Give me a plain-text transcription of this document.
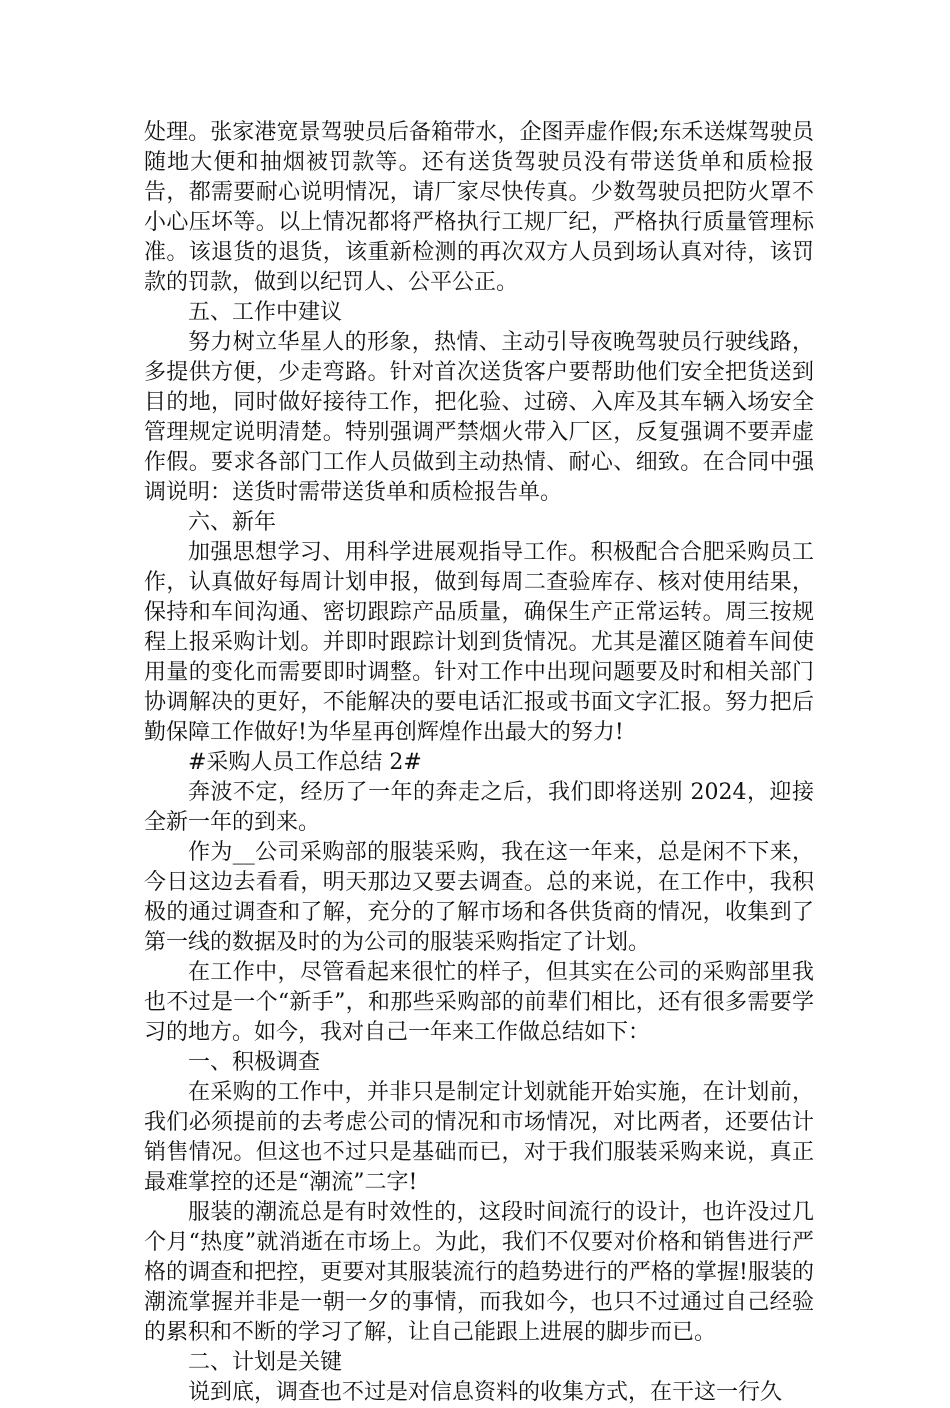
处理。张家港宽景驾驶员后备箱带水，企图弄虚作假;东禾送煤驾驶员随地大便和抽烟被罚款等。还有送货驾驶员没有带送货单和质检报告，都需要耐心说明情况，请厂家尽快传真。少数驾驶员把防火罩不小心压坏等。以上情况都将严格执行工规厂纪，严格执行质量管理标准。该退货的退货，该重新检测的再次双方人员到场认真对待，该罚款的罚款，做到以纪罚人、公平公正。

五、工作中建议

努力树立华星人的形象，热情、主动引导夜晚驾驶员行驶线路，多提供方便，少走弯路。针对首次送货客户要帮助他们安全把货送到目的地，同时做好接待工作，把化验、过磅、入库及其车辆入场安全管理规定说明清楚。特别强调严禁烟火带入厂区，反复强调不要弄虚作假。要求各部门工作人员做到主动热情、耐心、细致。在合同中强调说明：送货时需带送货单和质检报告单。

六、新年

加强思想学习、用科学进展观指导工作。积极配合合肥采购员工作，认真做好每周计划申报，做到每周二查验库存、核对使用结果，保持和车间沟通、密切跟踪产品质量，确保生产正常运转。周三按规程上报采购计划。并即时跟踪计划到货情况。尤其是灌区随着车间使用量的变化而需要即时调整。针对工作中出现问题要及时和相关部门协调解决的更好，不能解决的要电话汇报或书面文字汇报。努力把后勤保障工作做好!为华星再创辉煌作出最大的努力!

#采购人员工作总结 2#

奔波不定，经历了一年的奔走之后，我们即将送别 2024，迎接全新一年的到来。

作为__公司采购部的服装采购，我在这一年来，总是闲不下来，今日这边去看看，明天那边又要去调查。总的来说，在工作中，我积极的通过调查和了解，充分的了解市场和各供货商的情况，收集到了第一线的数据及时的为公司的服装采购指定了计划。

在工作中，尽管看起来很忙的样子，但其实在公司的采购部里我也不过是一个“新手”，和那些采购部的前辈们相比，还有很多需要学习的地方。如今，我对自己一年来工作做总结如下：

一、积极调查

在采购的工作中，并非只是制定计划就能开始实施，在计划前，我们必须提前的去考虑公司的情况和市场情况，对比两者，还要估计销售情况。但这也不过只是基础而已，对于我们服装采购来说，真正最难掌控的还是“潮流”二字!

服装的潮流总是有时效性的，这段时间流行的设计，也许没过几个月“热度”就消逝在市场上。为此，我们不仅要对价格和销售进行严格的调查和把控，更要对其服装流行的趋势进行的严格的掌握!服装的潮流掌握并非是一朝一夕的事情，而我如今，也只不过通过自己经验的累积和不断的学习了解，让自己能跟上进展的脚步而已。

二、计划是关键

说到底，调查也不过是对信息资料的收集方式，在干这一行久
